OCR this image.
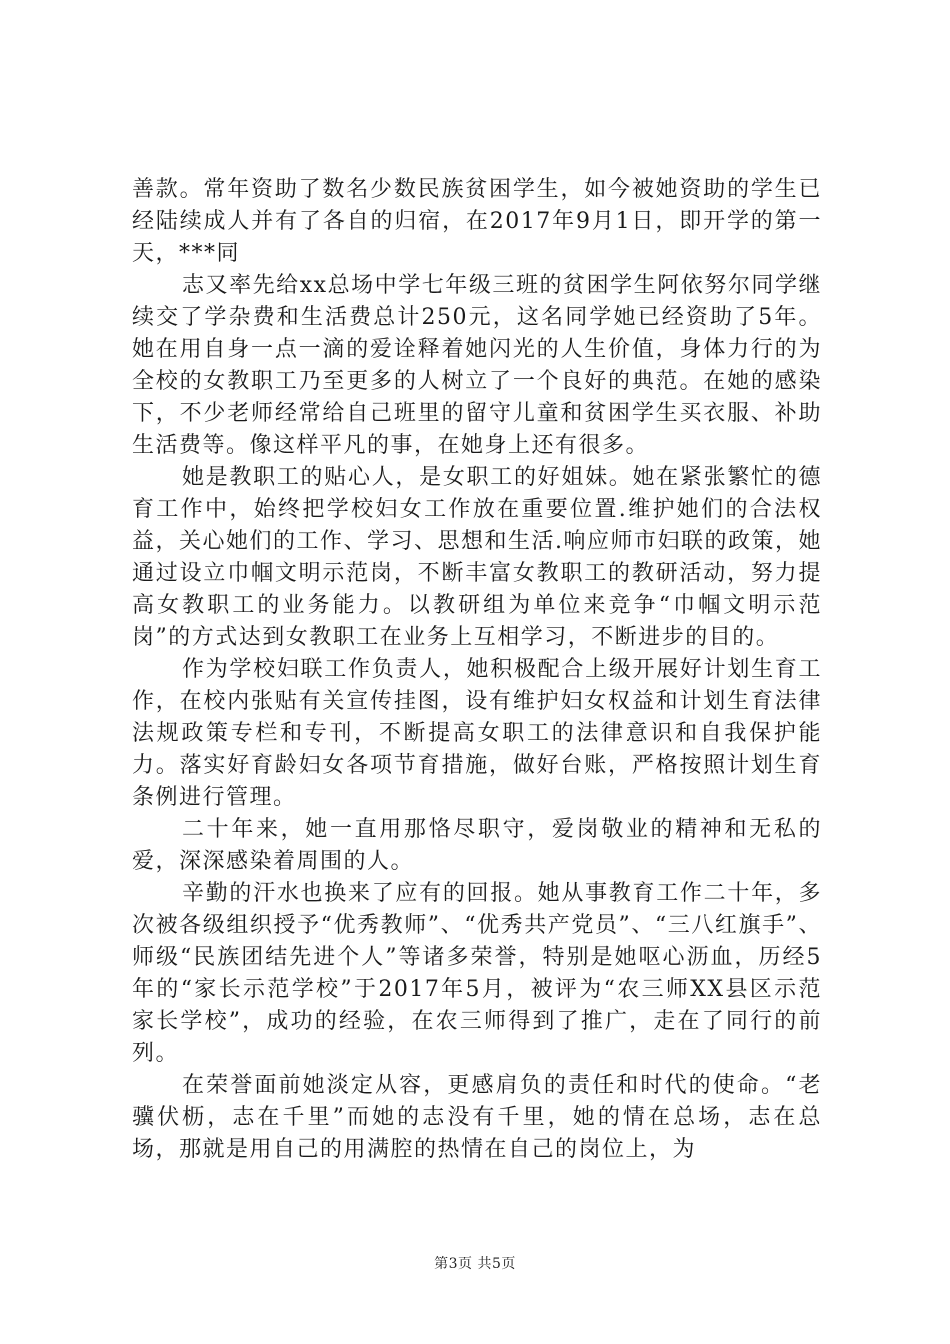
善款。常年资助了数名少数民族贫困学生，如今被她资助的学生已经陆续成人并有了各自的归宿，在2017年9月1日，即开学的第一天，***同

志又率先给xx总场中学七年级三班的贫困学生阿依努尔同学继续交了学杂费和生活费总计250元，这名同学她已经资助了5年。她在用自身一点一滴的爱诠释着她闪光的人生价值，身体力行的为全校的女教职工乃至更多的人树立了一个良好的典范。在她的感染下，不少老师经常给自己班里的留守儿童和贫困学生买衣服、补助生活费等。像这样平凡的事，在她身上还有很多。

她是教职工的贴心人，是女职工的好姐妹。她在紧张繁忙的德育工作中，始终把学校妇女工作放在重要位置.维护她们的合法权益，关心她们的工作、学习、思想和生活.响应师市妇联的政策，她通过设立巾帼文明示范岗，不断丰富女教职工的教研活动，努力提高女教职工的业务能力。以教研组为单位来竞争“巾帼文明示范岗”的方式达到女教职工在业务上互相学习，不断进步的目的。

作为学校妇联工作负责人，她积极配合上级开展好计划生育工作，在校内张贴有关宣传挂图，设有维护妇女权益和计划生育法律法规政策专栏和专刊，不断提高女职工的法律意识和自我保护能力。落实好育龄妇女各项节育措施，做好台账，严格按照计划生育条例进行管理。

二十年来，她一直用那恪尽职守，爱岗敬业的精神和无私的爱，深深感染着周围的人。

辛勤的汗水也换来了应有的回报。她从事教育工作二十年，多次被各级组织授予“优秀教师”、“优秀共产党员”、“三八红旗手”、师级“民族团结先进个人”等诸多荣誉，特别是她呕心沥血，历经5年的“家长示范学校”于2017年5月，被评为“农三师XX县区示范家长学校”，成功的经验，在农三师得到了推广，走在了同行的前列。

在荣誉面前她淡定从容，更感肩负的责任和时代的使命。“老骥伏枥，志在千里”而她的志没有千里，她的情在总场，志在总场，那就是用自己的用满腔的热情在自己的岗位上，为

第3页 共5页
